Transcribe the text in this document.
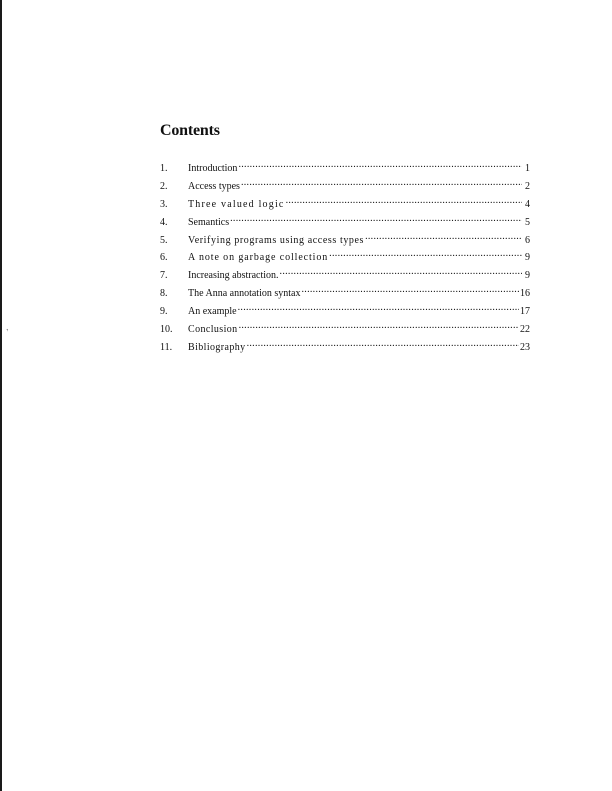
,
Contents
1.	Introduction .....	1
2.	Access types .....	2
3.	Three valued logic .....	4
4.	Semantics .....	5
5.	Verifying programs using access types .....	6
6.	A note on garbage collection .....	9
7.	Increasing abstraction. .....	9
8.	The Anna annotation syntax .....	16
9.	An example .....	17
10.	Conclusion .....	22
11.	Bibliography .....	23
